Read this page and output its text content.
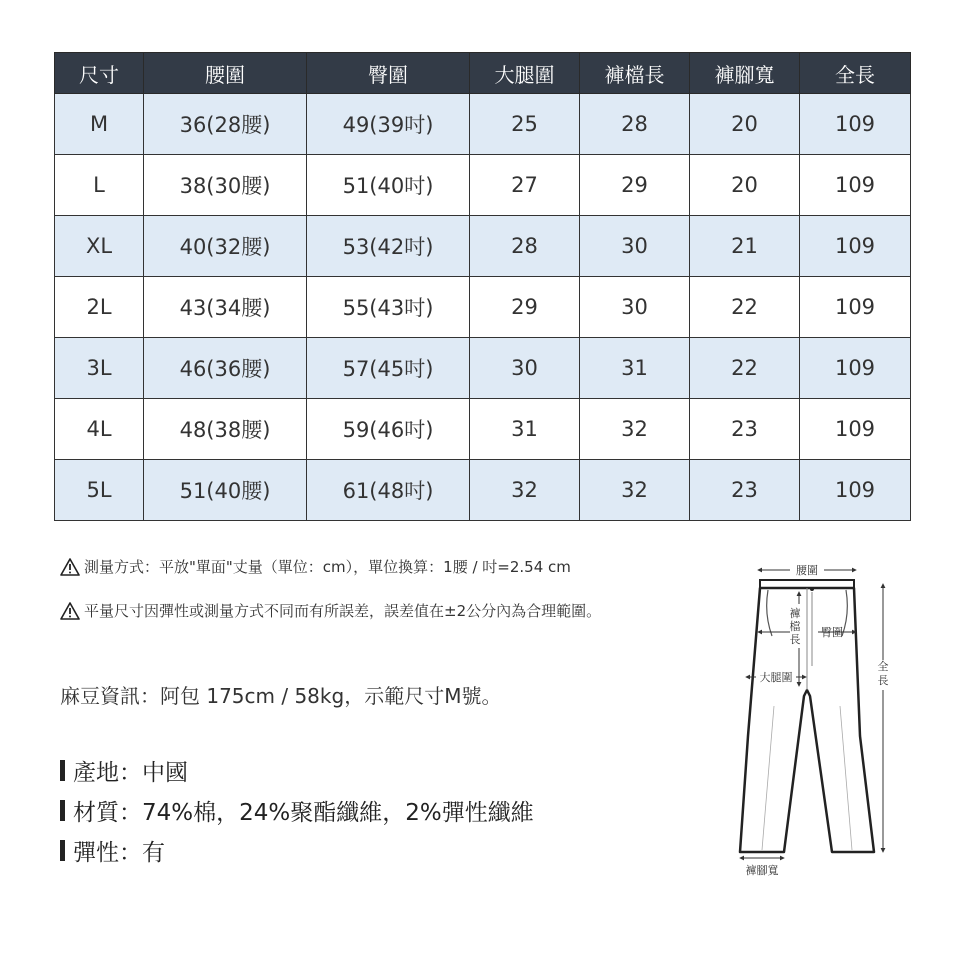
尺寸	腰圍	臀圍	大腿圍	褲檔長	褲腳寬	全長
M	36(28腰)	49(39吋)	25	28	20	109
L	38(30腰)	51(40吋)	27	29	20	109
XL	40(32腰)	53(42吋)	28	30	21	109
2L	43(34腰)	55(43吋)	29	30	22	109
3L	46(36腰)	57(45吋)	30	31	22	109
4L	48(38腰)	59(46吋)	31	32	23	109
5L	51(40腰)	61(48吋)	32	32	23	109
測量方式：平放"單面"丈量（單位：cm），單位換算：1腰 / 吋=2.54 cm
平量尺寸因彈性或測量方式不同而有所誤差，誤差值在±2公分內為合理範圍。
麻豆資訊：阿包 175cm / 58kg，示範尺寸M號。
產地：中國
材質：74%棉，24%聚酯纖維，2%彈性纖維
彈性：有
腰圍
褲
檔
長
臀圍
大腿圍
全
長
褲腳寬
